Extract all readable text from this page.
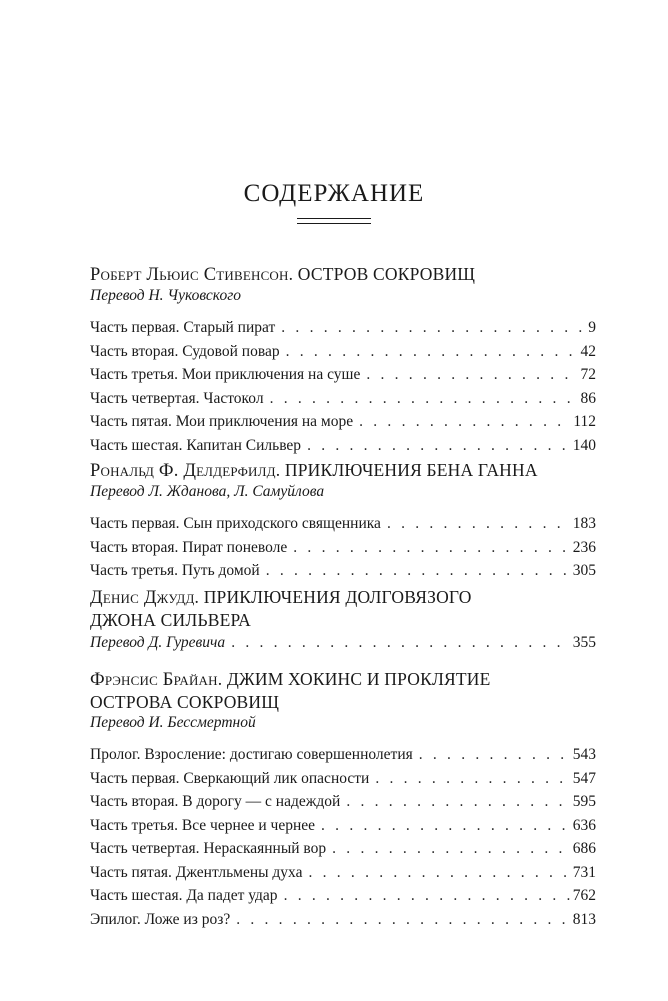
СОДЕРЖАНИЕ

Роберт Льюис Стивенсон. ОСТРОВ СОКРОВИЩ

Перевод Н. Чуковского

Часть первая. Старый пират . . .	9
Часть вторая. Судовой повар . . .	42
Часть третья. Мои приключения на суше . . .	72
Часть четвертая. Частокол . . .	86
Часть пятая. Мои приключения на море . . .	112
Часть шестая. Капитан Сильвер . . .	140

Рональд Ф. Делдерфилд. ПРИКЛЮЧЕНИЯ БЕНА ГАННА

Перевод Л. Жданова, Л. Самуйлова

Часть первая. Сын приходского священника . . .	183
Часть вторая. Пират поневоле . . .	236
Часть третья. Путь домой . . .	305

Денис Джудд. ПРИКЛЮЧЕНИЯ ДОЛГОВЯЗОГО

ДЖОНА СИЛЬВЕРА

Перевод Д. Гуревича . . .	355

Фрэнсис Брайан. ДЖИМ ХОКИНС И ПРОКЛЯТИЕ

ОСТРОВА СОКРОВИЩ

Перевод И. Бессмертной

Пролог. Взросление: достигаю совершеннолетия . . .	543
Часть первая. Сверкающий лик опасности . . .	547
Часть вторая. В дорогу — с надеждой . . .	595
Часть третья. Все чернее и чернее . . .	636
Часть четвертая. Нераскаянный вор . . .	686
Часть пятая. Джентльмены духа . . .	731
Часть шестая. Да падет удар . . .	762
Эпилог. Ложе из роз? . . .	813
